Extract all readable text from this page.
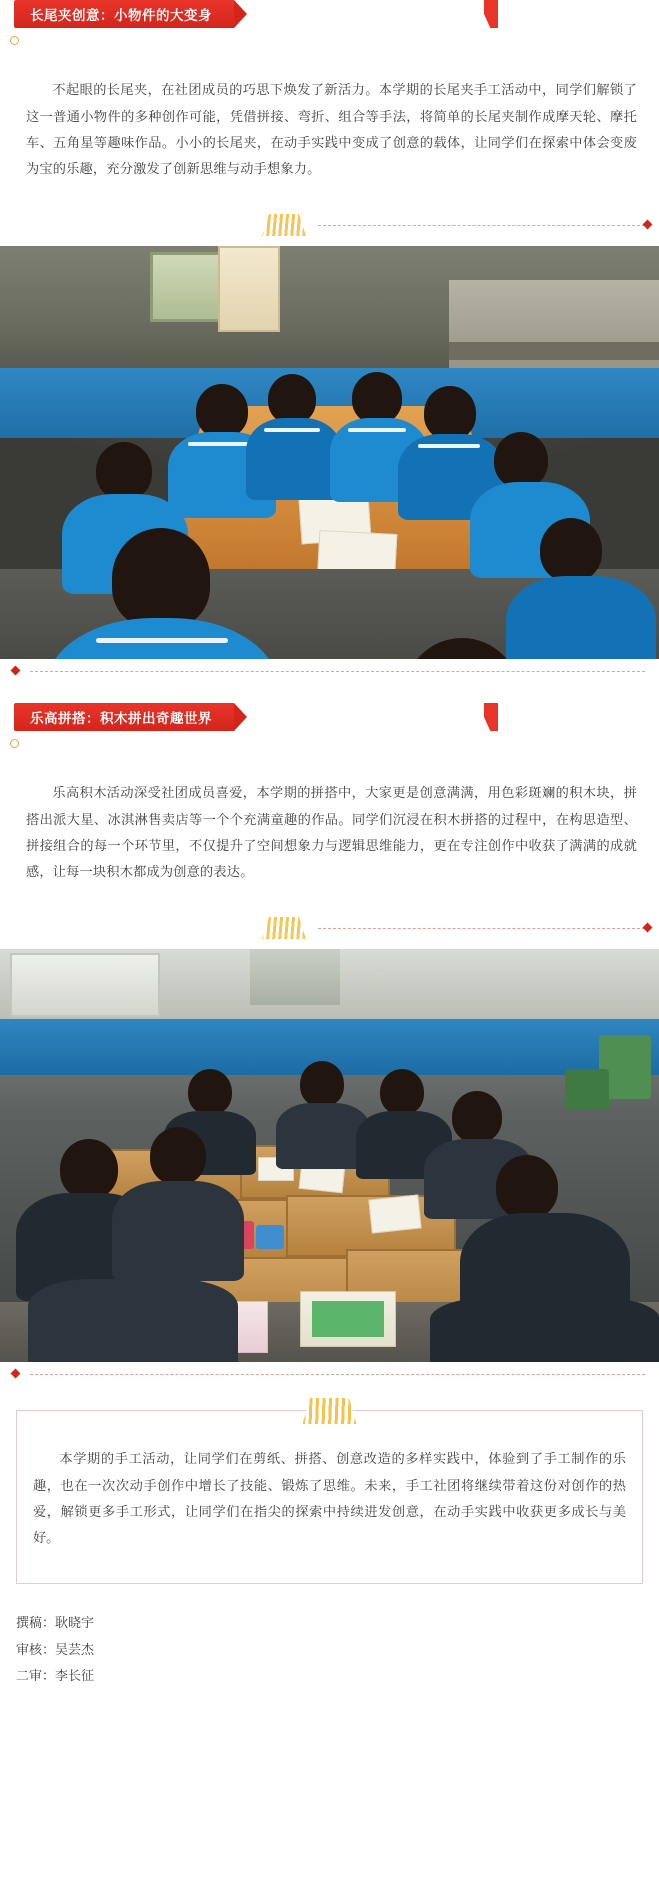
长尾夹创意：小物件的大变身

不起眼的长尾夹，在社团成员的巧思下焕发了新活力。本学期的长尾夹手工活动中，同学们解锁了这一普通小物件的多种创作可能，凭借拼接、弯折、组合等手法，将简单的长尾夹制作成摩天轮、摩托车、五角星等趣味作品。小小的长尾夹，在动手实践中变成了创意的载体，让同学们在探索中体会变废为宝的乐趣，充分激发了创新思维与动手想象力。

乐高拼搭：积木拼出奇趣世界

乐高积木活动深受社团成员喜爱，本学期的拼搭中，大家更是创意满满，用色彩斑斓的积木块，拼搭出派大星、冰淇淋售卖店等一个个充满童趣的作品。同学们沉浸在积木拼搭的过程中，在构思造型、拼接组合的每一个环节里，不仅提升了空间想象力与逻辑思维能力，更在专注创作中收获了满满的成就感，让每一块积木都成为创意的表达。

本学期的手工活动，让同学们在剪纸、拼搭、创意改造的多样实践中，体验到了手工制作的乐趣，也在一次次动手创作中增长了技能、锻炼了思维。未来，手工社团将继续带着这份对创作的热爱，解锁更多手工形式，让同学们在指尖的探索中持续进发创意，在动手实践中收获更多成长与美好。

撰稿：耿晓宇
审核：吴芸杰
二审：李长征
